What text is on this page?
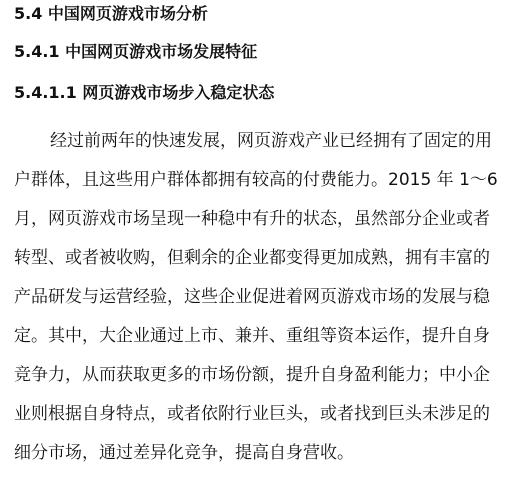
5.4 中国网页游戏市场分析
5.4.1 中国网页游戏市场发展特征
5.4.1.1 网页游戏市场步入稳定状态
经过前两年的快速发展，网页游戏产业已经拥有了固定的用
户群体，且这些用户群体都拥有较高的付费能力。2015 年 1～6
月，网页游戏市场呈现一种稳中有升的状态，虽然部分企业或者
转型、或者被收购，但剩余的企业都变得更加成熟，拥有丰富的
产品研发与运营经验，这些企业促进着网页游戏市场的发展与稳
定。其中，大企业通过上市、兼并、重组等资本运作，提升自身
竞争力，从而获取更多的市场份额，提升自身盈利能力；中小企
业则根据自身特点，或者依附行业巨头，或者找到巨头未涉足的
细分市场，通过差异化竞争，提高自身营收。
